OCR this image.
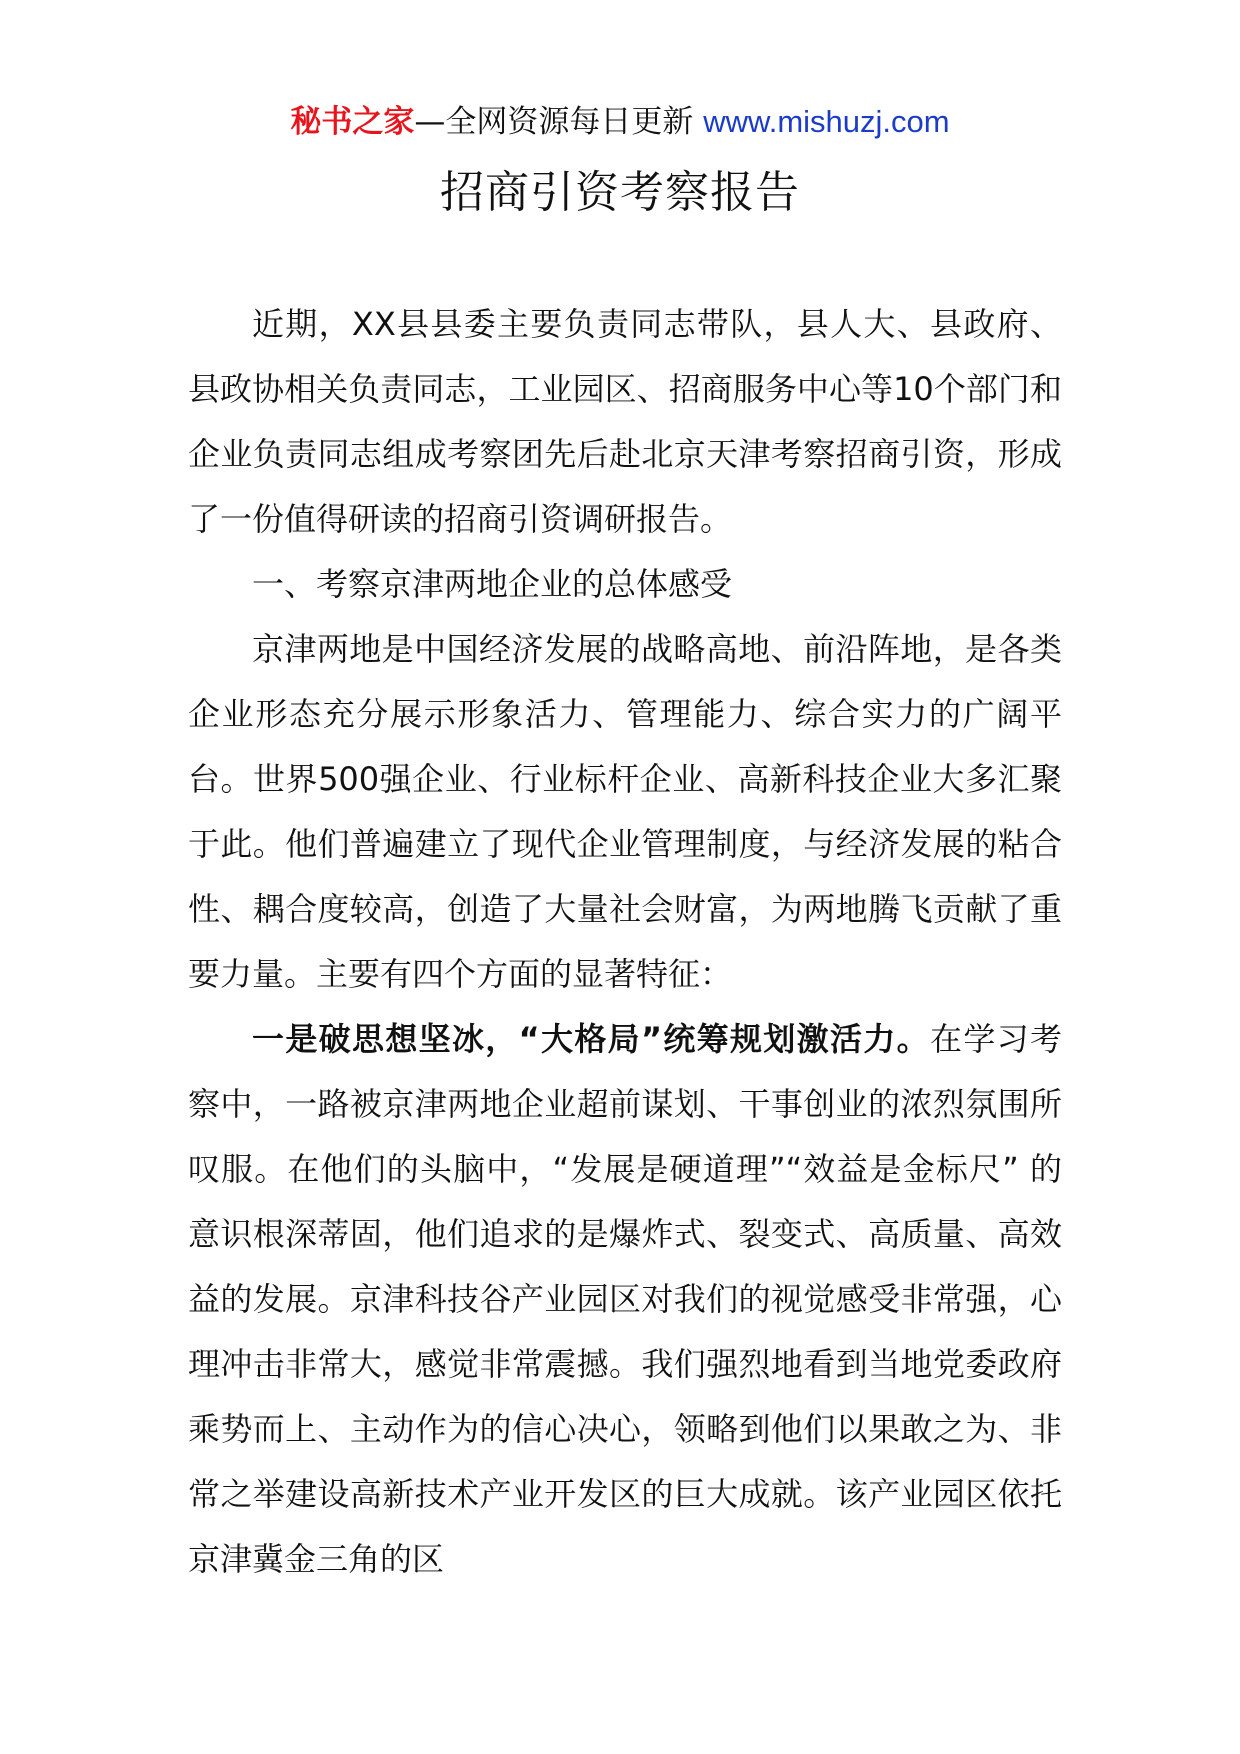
秘书之家—全网资源每日更新 www.mishuzj.com
招商引资考察报告

近期，XX县县委主要负责同志带队，县人大、县政府、县政协相关负责同志，工业园区、招商服务中心等10个部门和企业负责同志组成考察团先后赴北京天津考察招商引资，形成了一份值得研读的招商引资调研报告。

一、考察京津两地企业的总体感受

京津两地是中国经济发展的战略高地、前沿阵地，是各类企业形态充分展示形象活力、管理能力、综合实力的广阔平台。世界500强企业、行业标杆企业、高新科技企业大多汇聚于此。他们普遍建立了现代企业管理制度，与经济发展的粘合性、耦合度较高，创造了大量社会财富，为两地腾飞贡献了重要力量。主要有四个方面的显著特征：

一是破思想坚冰，“大格局”统筹规划激活力。在学习考察中，一路被京津两地企业超前谋划、干事创业的浓烈氛围所叹服。在他们的头脑中，“发展是硬道理”“效益是金标尺” 的意识根深蒂固，他们追求的是爆炸式、裂变式、高质量、高效益的发展。京津科技谷产业园区对我们的视觉感受非常强，心理冲击非常大，感觉非常震撼。我们强烈地看到当地党委政府乘势而上、主动作为的信心决心，领略到他们以果敢之为、非常之举建设高新技术产业开发区的巨大成就。该产业园区依托京津冀金三角的区
